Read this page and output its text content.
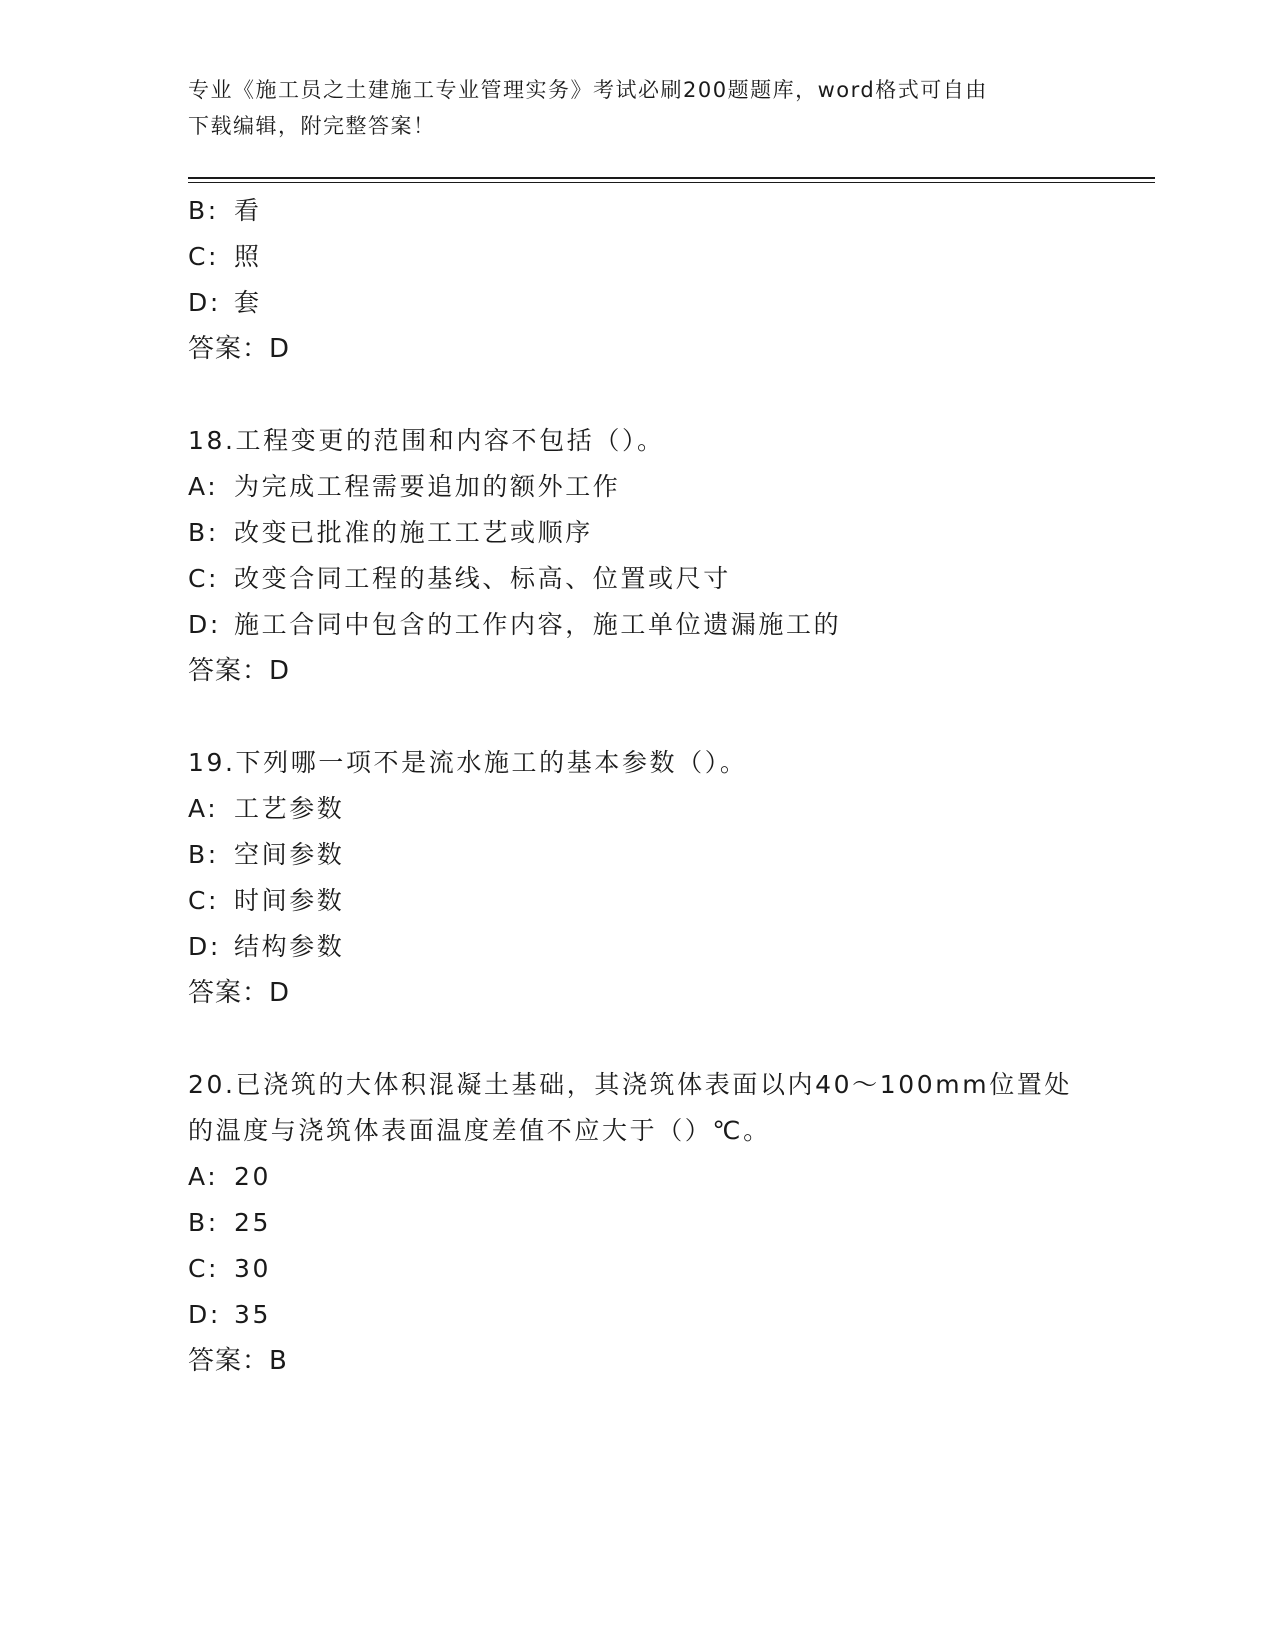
专业《施工员之土建施工专业管理实务》考试必刷200题题库，word格式可自由
下载编辑，附完整答案！
B: 看
C: 照
D: 套
答案：D
18.工程变更的范围和内容不包括（）。
A: 为完成工程需要追加的额外工作
B: 改变已批准的施工工艺或顺序
C: 改变合同工程的基线、标高、位置或尺寸
D: 施工合同中包含的工作内容，施工单位遗漏施工的
答案：D
19.下列哪一项不是流水施工的基本参数（）。
A: 工艺参数
B: 空间参数
C: 时间参数
D: 结构参数
答案：D
20.已浇筑的大体积混凝土基础，其浇筑体表面以内40～100mm位置处
的温度与浇筑体表面温度差值不应大于（）℃。
A: 20
B: 25
C: 30
D: 35
答案：B
